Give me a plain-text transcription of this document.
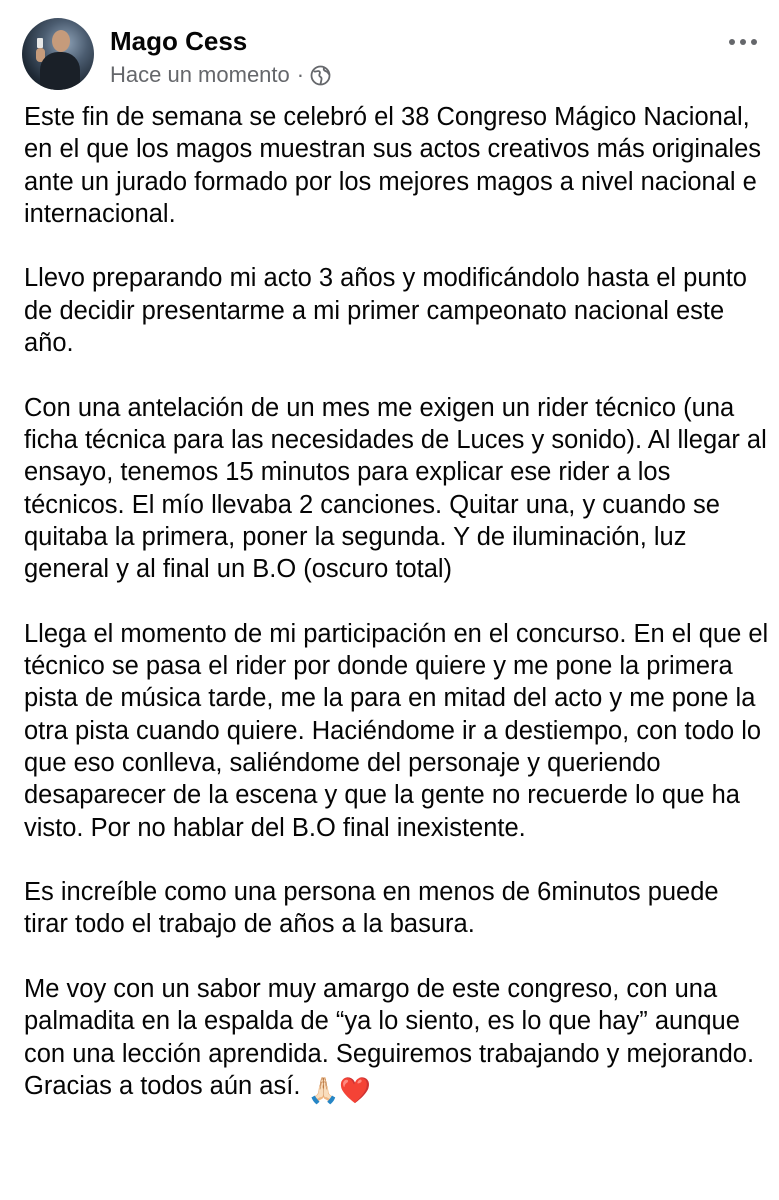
Mago Cess
Hace un momento ·

Este fin de semana se celebró el 38 Congreso Mágico Nacional, en el que los magos muestran sus actos creativos más originales ante un jurado formado por los mejores magos a nivel nacional e internacional.

Llevo preparando mi acto 3 años y modificándolo hasta el punto de decidir presentarme a mi primer campeonato nacional este año.

Con una antelación de un mes me exigen un rider técnico (una ficha técnica para las necesidades de Luces y sonido). Al llegar al ensayo, tenemos 15 minutos para explicar ese rider a los técnicos. El mío llevaba 2 canciones. Quitar una, y cuando se quitaba la primera, poner la segunda. Y de iluminación, luz general y al final un B.O (oscuro total)

Llega el momento de mi participación en el concurso. En el que el técnico se pasa el rider por donde quiere y me pone la primera pista de música tarde, me la para en mitad del acto y me pone la otra pista cuando quiere. Haciéndome ir a destiempo, con todo lo que eso conlleva, saliéndome del personaje y queriendo desaparecer de la escena y que la gente no recuerde lo que ha visto. Por no hablar del B.O final inexistente.

Es increíble como una persona en menos de 6minutos puede tirar todo el trabajo de años a la basura.

Me voy con un sabor muy amargo de este congreso, con una palmadita en la espalda de “ya lo siento, es lo que hay” aunque con una lección aprendida. Seguiremos trabajando y mejorando. Gracias a todos aún así. 🙏🏻❤️
